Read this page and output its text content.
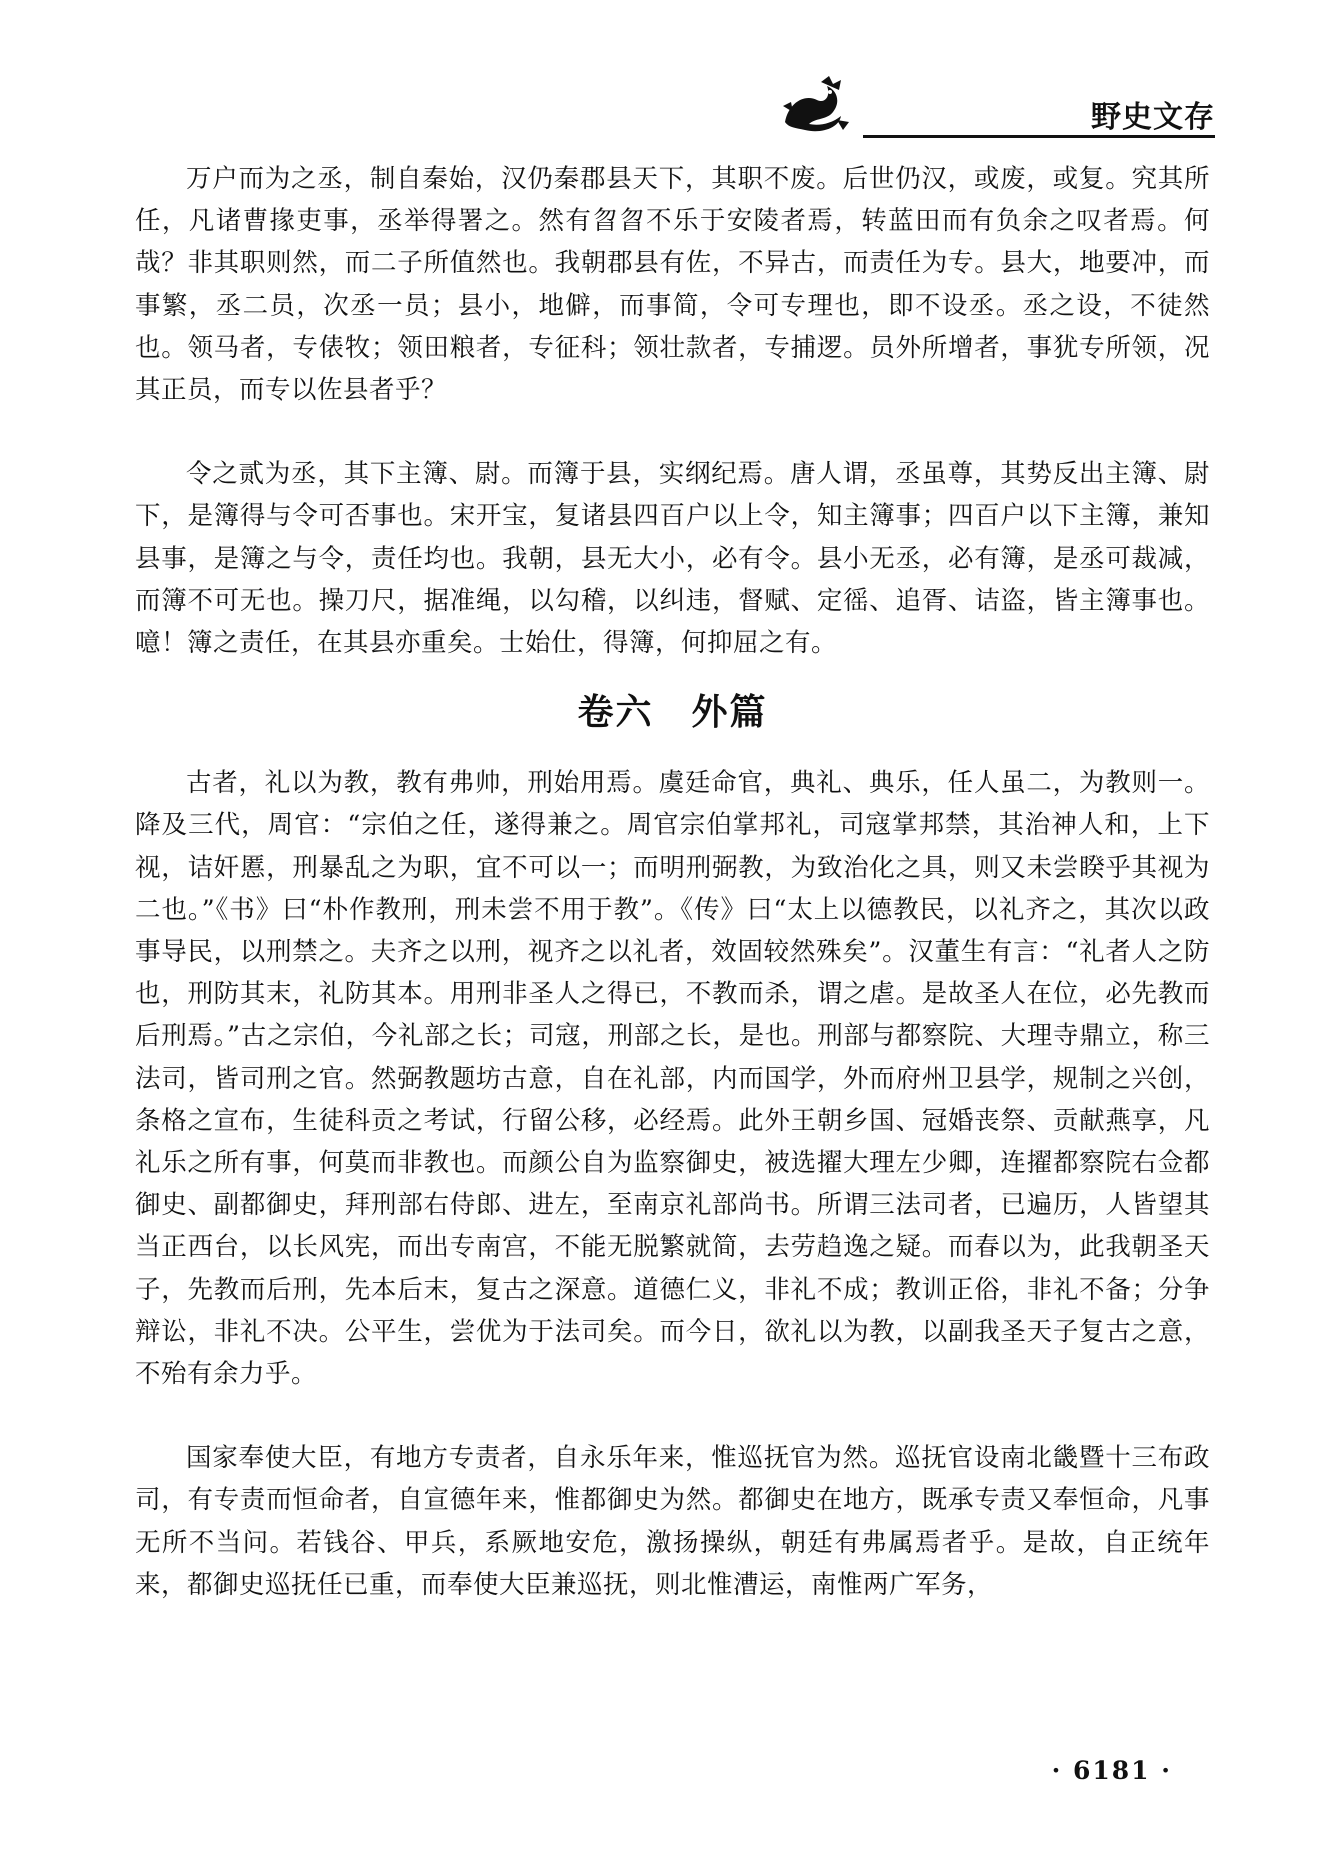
野史文存

万户而为之丞，制自秦始，汉仍秦郡县天下，其职不废。后世仍汉，或废，或复。究其所任，凡诸曹掾吏事，丞举得署之。然有曶曶不乐于安陵者焉，转蓝田而有负余之叹者焉。何哉？非其职则然，而二子所值然也。我朝郡县有佐，不异古，而责任为专。县大，地要冲，而事繁，丞二员，次丞一员；县小，地僻，而事简，令可专理也，即不设丞。丞之设，不徒然也。领马者，专俵牧；领田粮者，专征科；领壮款者，专捕逻。员外所增者，事犹专所领，况其正员，而专以佐县者乎？

令之贰为丞，其下主簿、尉。而簿于县，实纲纪焉。唐人谓，丞虽尊，其势反出主簿、尉下，是簿得与令可否事也。宋开宝，复诸县四百户以上令，知主簿事；四百户以下主簿，兼知县事，是簿之与令，责任均也。我朝，县无大小，必有令。县小无丞，必有簿，是丞可裁减，而簿不可无也。操刀尺，据准绳，以勾稽，以纠违，督赋、定徭、追胥、诘盗，皆主簿事也。噫！簿之责任，在其县亦重矣。士始仕，得簿，何抑屈之有。

卷六　外篇

古者，礼以为教，教有弗帅，刑始用焉。虞廷命官，典礼、典乐，任人虽二，为教则一。降及三代，周官：“宗伯之任，遂得兼之。周官宗伯掌邦礼，司寇掌邦禁，其治神人和，上下视，诘奸慝，刑暴乱之为职，宜不可以一；而明刑弼教，为致治化之具，则又未尝睽乎其视为二也。”《书》曰“朴作教刑，刑未尝不用于教”。《传》曰“太上以德教民，以礼齐之，其次以政事导民，以刑禁之。夫齐之以刑，视齐之以礼者，效固较然殊矣”。汉董生有言：“礼者人之防也，刑防其末，礼防其本。用刑非圣人之得已，不教而杀，谓之虐。是故圣人在位，必先教而后刑焉。”古之宗伯，今礼部之长；司寇，刑部之长，是也。刑部与都察院、大理寺鼎立，称三法司，皆司刑之官。然弼教题坊古意，自在礼部，内而国学，外而府州卫县学，规制之兴创，条格之宣布，生徒科贡之考试，行留公移，必经焉。此外王朝乡国、冠婚丧祭、贡献燕享，凡礼乐之所有事，何莫而非教也。而颜公自为监察御史，被选擢大理左少卿，连擢都察院右佥都御史、副都御史，拜刑部右侍郎、进左，至南京礼部尚书。所谓三法司者，已遍历，人皆望其当正西台，以长风宪，而出专南宫，不能无脱繁就简，去劳趋逸之疑。而春以为，此我朝圣天子，先教而后刑，先本后末，复古之深意。道德仁义，非礼不成；教训正俗，非礼不备；分争辩讼，非礼不决。公平生，尝优为于法司矣。而今日，欲礼以为教，以副我圣天子复古之意，不殆有余力乎。

国家奉使大臣，有地方专责者，自永乐年来，惟巡抚官为然。巡抚官设南北畿暨十三布政司，有专责而恒命者，自宣德年来，惟都御史为然。都御史在地方，既承专责又奉恒命，凡事无所不当问。若钱谷、甲兵，系厥地安危，激扬操纵，朝廷有弗属焉者乎。是故，自正统年来，都御史巡抚任已重，而奉使大臣兼巡抚，则北惟漕运，南惟两广军务，

· 6181 ·
